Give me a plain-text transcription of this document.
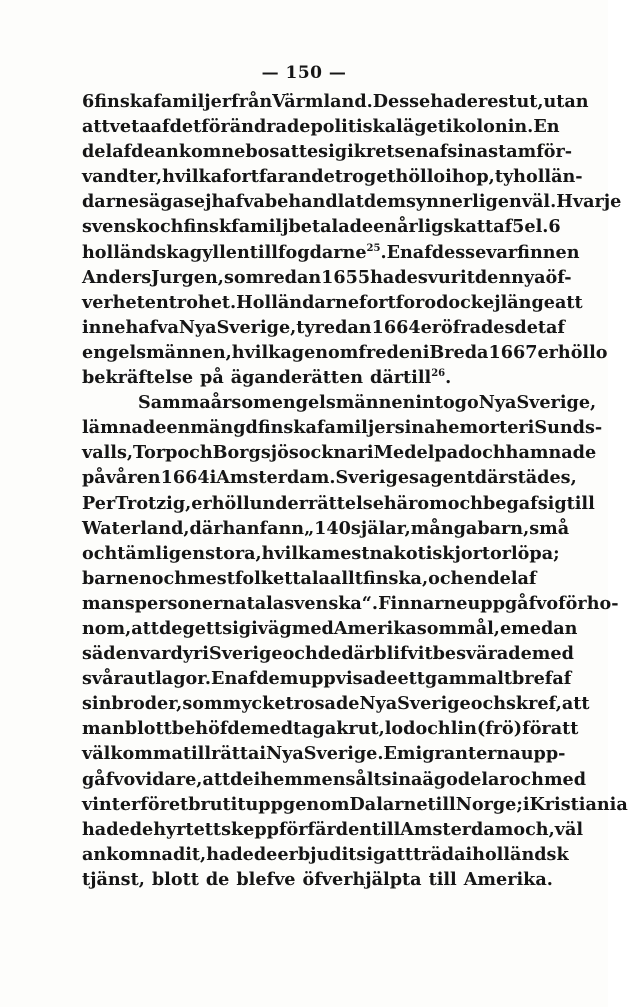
— 150 —
6 finska familjer från Värmland. Desse hade rest ut, utan
att veta af det förändrade politiska läget i kolonin. En
del af de ankomne bosatte sig i kretsen af sina stamför-
vandter, hvilka fortfarande troget höllo ihop, ty hollän-
darne sägas ej hafva behandlat dem synnerligen väl. Hvarje
svensk och finsk familj betalade en årlig skatt af 5 el. 6
holländska gyllen till fogdarne$^{25}$. En af desse var finnen
Anders Jurgen, som redan 1655 hade svurit den nya öf-
verheten trohet. Holländarne fortforo dock ej länge att
innehafva Nya Sverige, ty redan 1664 eröfrades det af
engelsmännen, hvilka genom freden i Breda 1667 erhöllo
bekräftelse på äganderätten därtill$^{26}$.
Samma år som engelsmännen intogo Nya Sverige,
lämnade en mängd finska familjer sina hemorter i Sunds-
valls, Torp och Borgsjö socknar i Medelpad och hamnade
på våren 1664 i Amsterdam. Sveriges agent därstädes,
Per Trotzig, erhöll underrättelse härom och begaf sig till
Waterland, där han fann „140 själar, många barn, små
och tämligen stora, hvilka mest nakot i skjortor löpa;
barnen och mest folket tala allt finska, och en del af
manspersonerna tala svenska“. Finnarne uppgåfvo för ho-
nom, att de gett sig i väg med Amerika som mål, emedan
säden var dyr i Sverige och de där blifvit besvärade med
svåra utlagor. En af dem uppvisade ett gammalt bref af
sin broder, som mycket rosade Nya Sverige och skref, att
man blott behöfde medtaga krut, lod och lin(frö) för att
väl komma till rätta i Nya Sverige. Emigranterna upp-
gåfvo vidare, att de i hemmen sålt sina ägodelar och med
vinterföret brutit upp genom Dalarne till Norge; i Kristiania
hade de hyrt ett skepp för färden till Amsterdam och, väl
ankomna dit, hade de erbjudit sig att träda i holländsk
tjänst, blott de blefve öfverhjälpta till Amerika.
